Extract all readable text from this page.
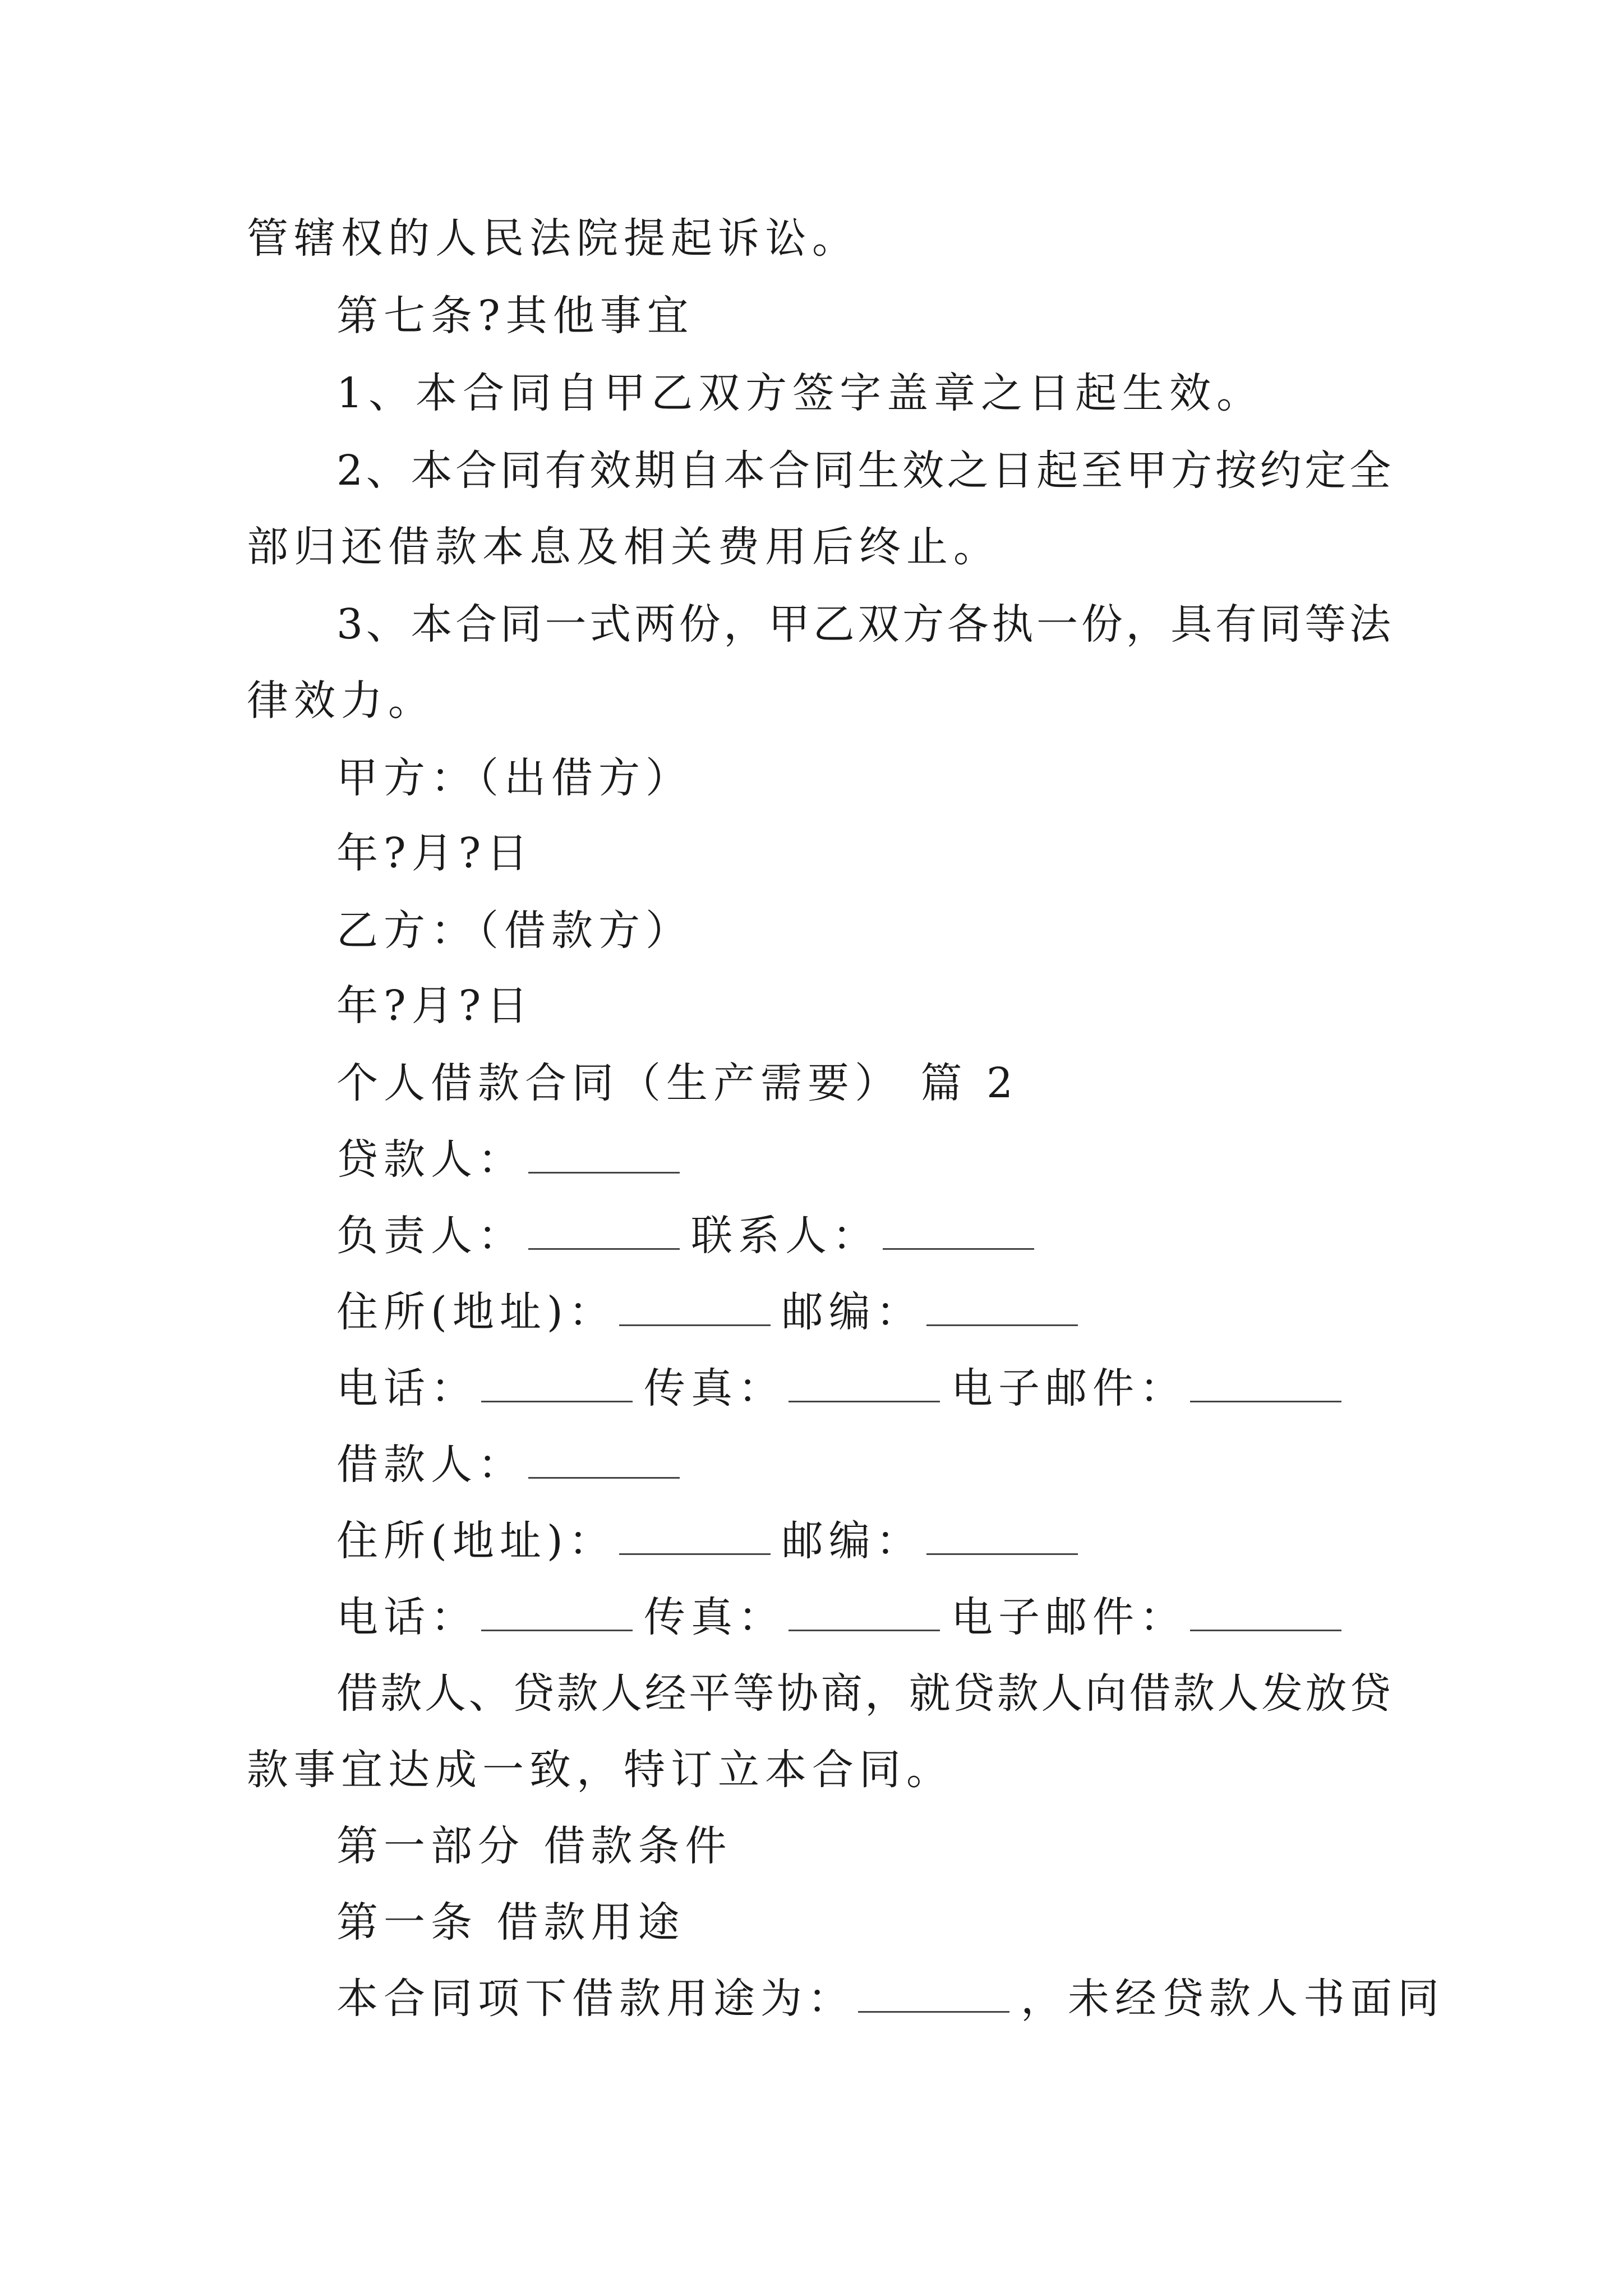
管辖权的人民法院提起诉讼。
第七条?其他事宜
1、本合同自甲乙双方签字盖章之日起生效。
2、本合同有效期自本合同生效之日起至甲方按约定全
部归还借款本息及相关费用后终止。
3、本合同一式两份，甲乙双方各执一份，具有同等法
律效力。
甲方：（出借方）
年?月?日
乙方：（借款方）
年?月?日
个人借款合同（生产需要） 篇 2
贷款人：
负责人：	联系人：
住所(地址)：	邮编：
电话：	传真：	电子邮件：
借款人：
住所(地址)：	邮编：
电话：	传真：	电子邮件：
借款人、贷款人经平等协商，就贷款人向借款人发放贷
款事宜达成一致，特订立本合同。
第一部分 借款条件
第一条 借款用途
本合同项下借款用途为：	，未经贷款人书面同
